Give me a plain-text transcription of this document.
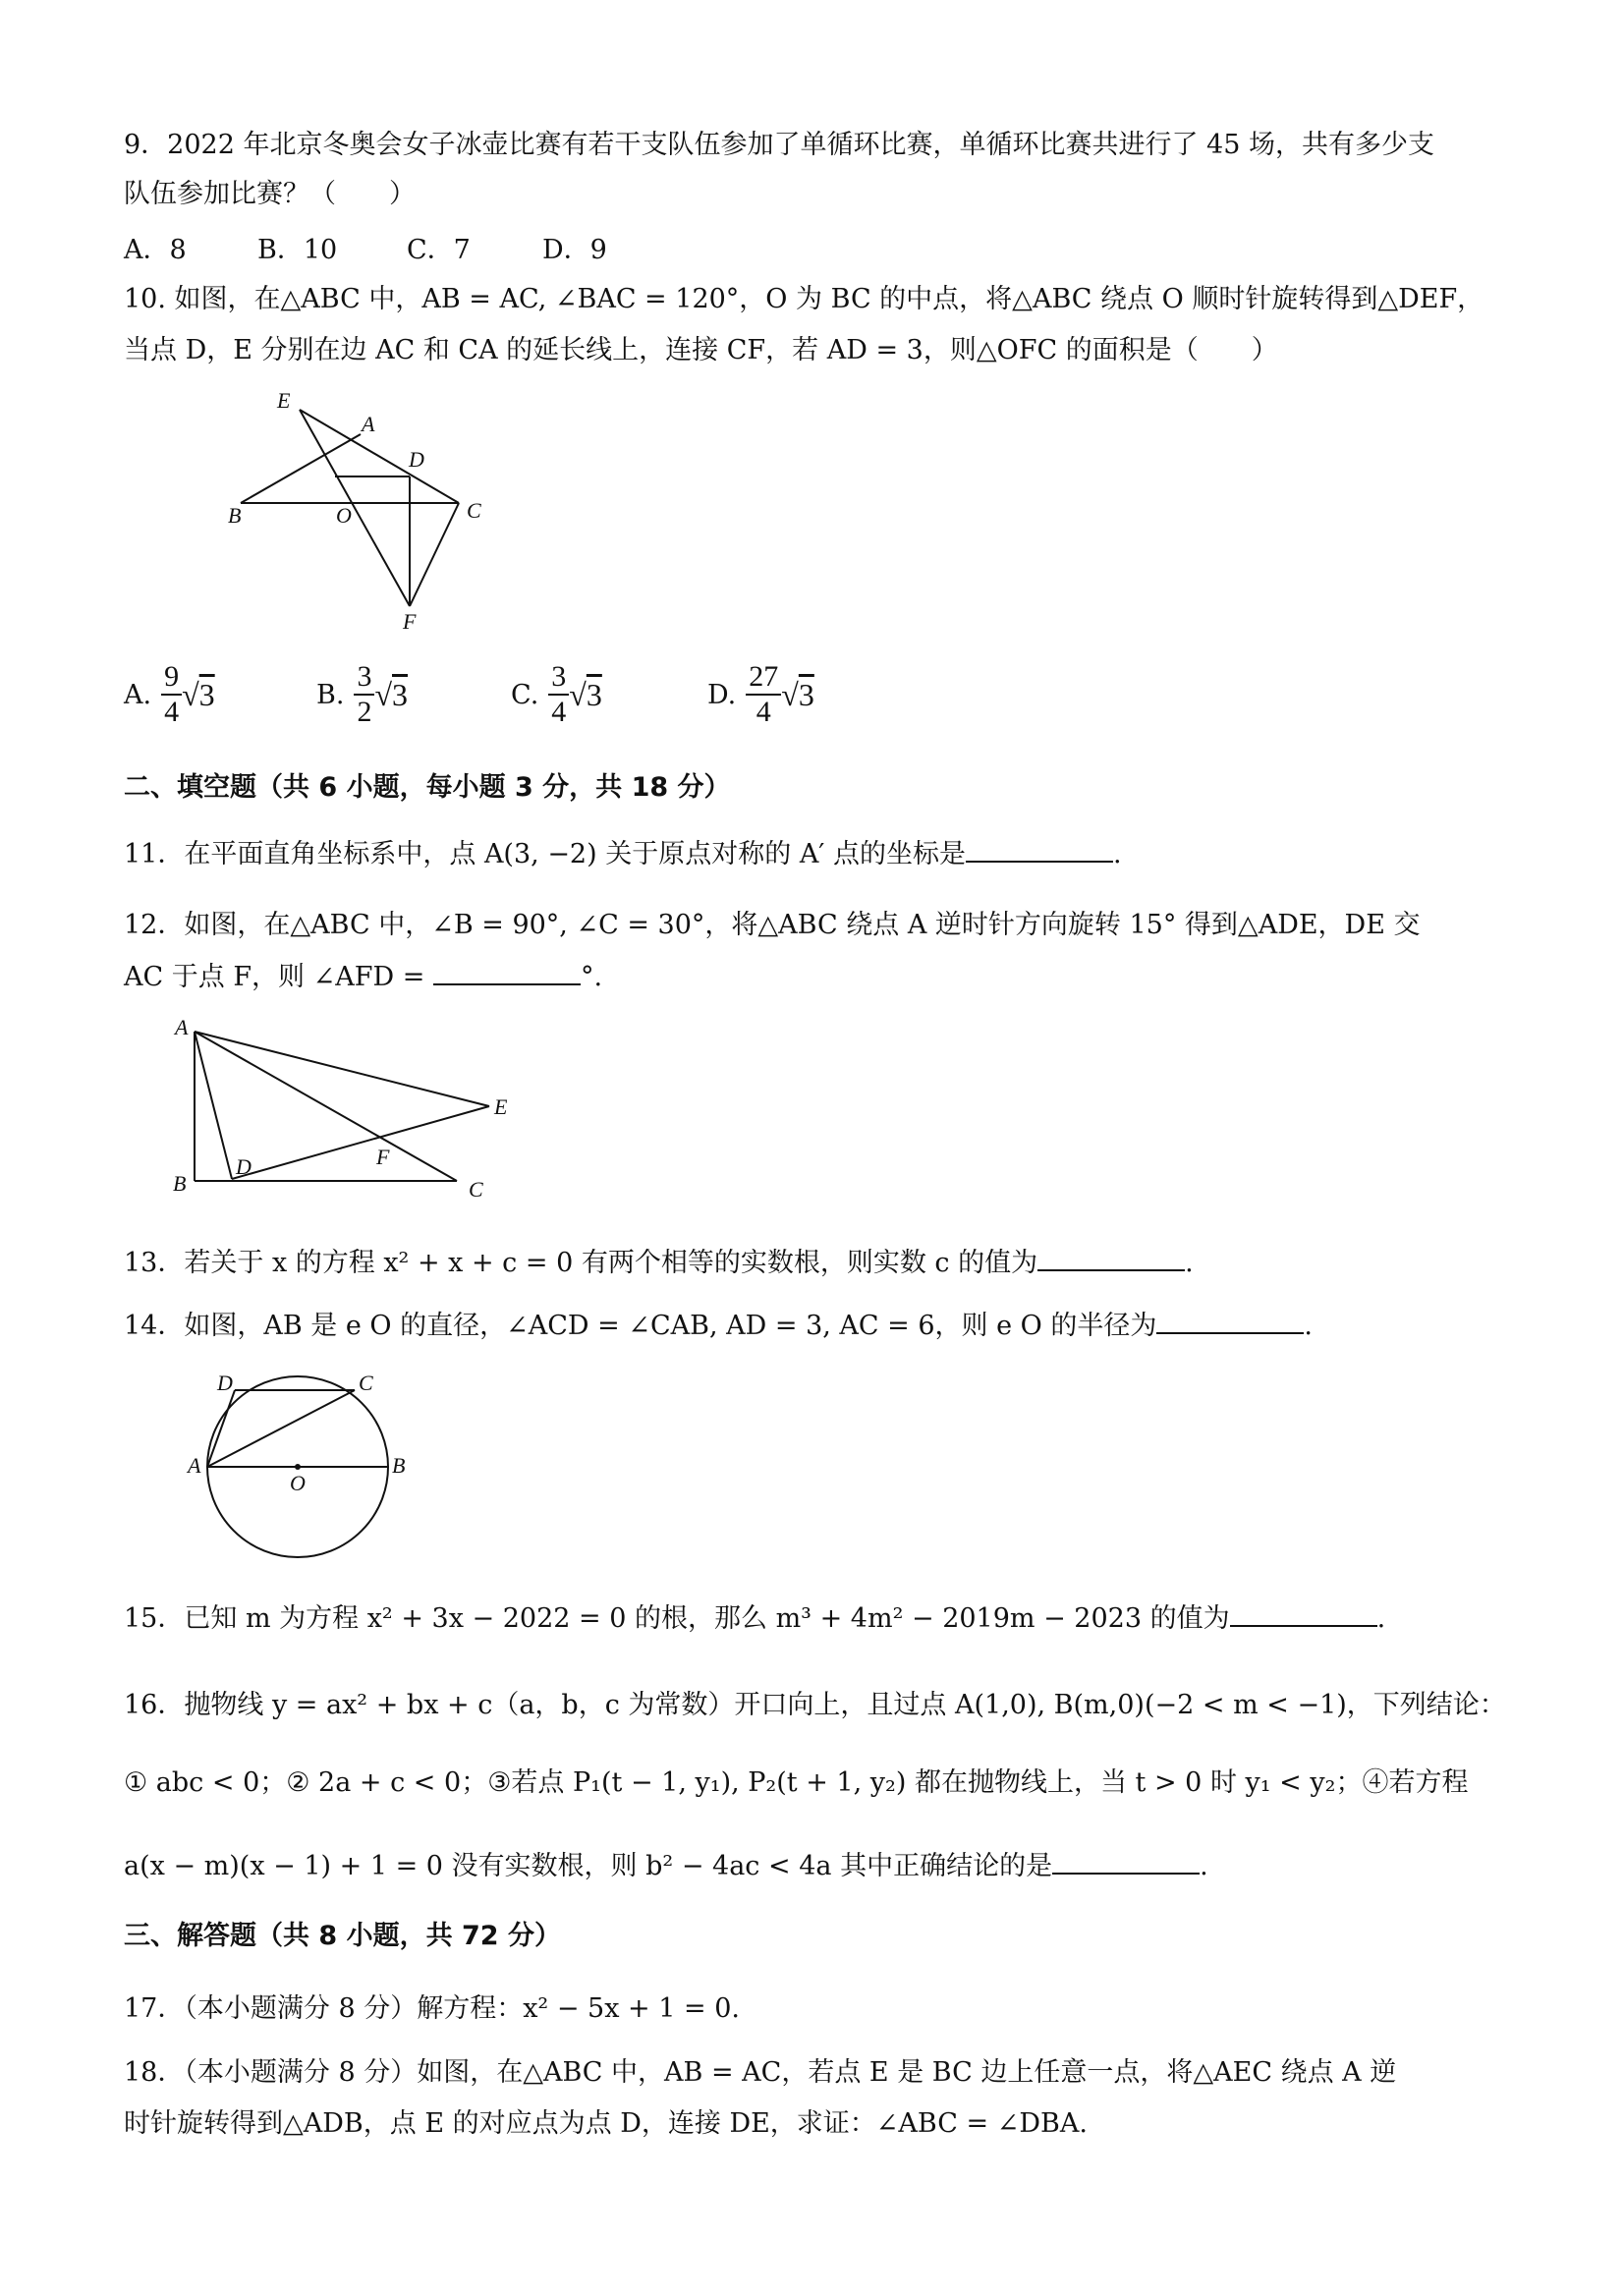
9．2022 年北京冬奥会女子冰壶比赛有若干支队伍参加了单循环比赛，单循环比赛共进行了 45 场，共有多少支
队伍参加比赛？（　　）
A．8	B．10	C．7	D．9
10. 如图，在△ABC 中，AB = AC, ∠BAC = 120°，O 为 BC 的中点，将△ABC 绕点 O 顺时针旋转得到△DEF，
当点 D，E 分别在边 AC 和 CA 的延长线上，连接 CF，若 AD = 3，则△OFC 的面积是（　　）
E
A
D
B	O	C
F
A. $\frac{9}{4} √3$	B. $\frac{3}{2} √3$	C. $\frac{3}{4} √3$	D. $\frac{27}{4} √3$
二、填空题（共 6 小题，每小题 3 分，共 18 分）
11．在平面直角坐标系中，点 A(3, −2) 关于原点对称的 A′ 点的坐标是	.
12．如图，在△ABC 中，∠B = 90°, ∠C = 30°，将△ABC 绕点 A 逆时针方向旋转 15° 得到△ADE，DE 交
AC 于点 F，则 ∠AFD =	°.
A
E
D	F
B	C
13．若关于 x 的方程 x² + x + c = 0 有两个相等的实数根，则实数 c 的值为	.
14．如图，AB 是 e O 的直径，∠ACD = ∠CAB, AD = 3, AC = 6，则 e O 的半径为	.
D	C
A
O
B
15．已知 m 为方程 x² + 3x − 2022 = 0 的根，那么 m³ + 4m² − 2019m − 2023 的值为	.
16．抛物线 y = ax² + bx + c（a，b，c 为常数）开口向上，且过点 A(1,0), B(m,0)(−2 < m < −1)，下列结论：
① abc < 0；② 2a + c < 0；③若点 P₁(t − 1, y₁), P₂(t + 1, y₂) 都在抛物线上，当 t > 0 时 y₁ < y₂；④若方程
a(x − m)(x − 1) + 1 = 0 没有实数根，则 b² − 4ac < 4a 其中正确结论的是	.
三、解答题（共 8 小题，共 72 分）
17．（本小题满分 8 分）解方程：x² − 5x + 1 = 0.
18．（本小题满分 8 分）如图，在△ABC 中，AB = AC，若点 E 是 BC 边上任意一点，将△AEC 绕点 A 逆
时针旋转得到△ADB，点 E 的对应点为点 D，连接 DE，求证：∠ABC = ∠DBA.
